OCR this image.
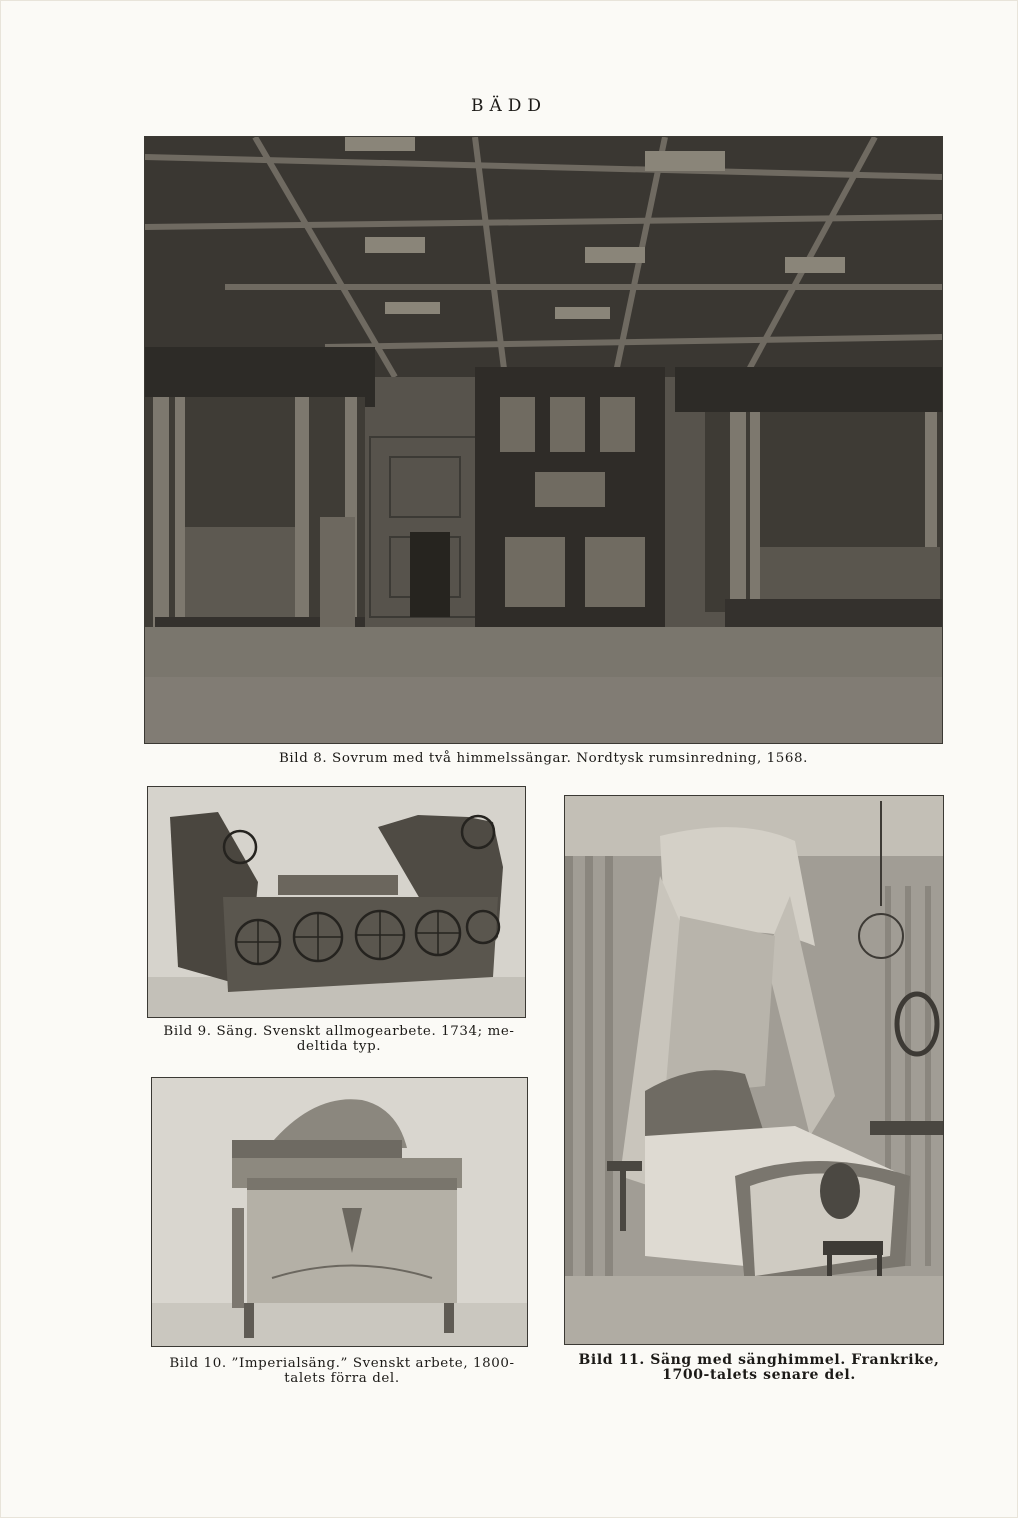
BÄDD
Bild 8. Sovrum med två himmelssängar. Nordtysk rumsinredning, 1568.
Bild 9. Säng. Svenskt allmogearbete. 1734; me-
deltida typ.
Bild 10. ”Imperialsäng.” Svenskt arbete, 1800-
talets förra del.
Bild 11. Säng med sänghimmel. Frankrike,
1700-talets senare del.
